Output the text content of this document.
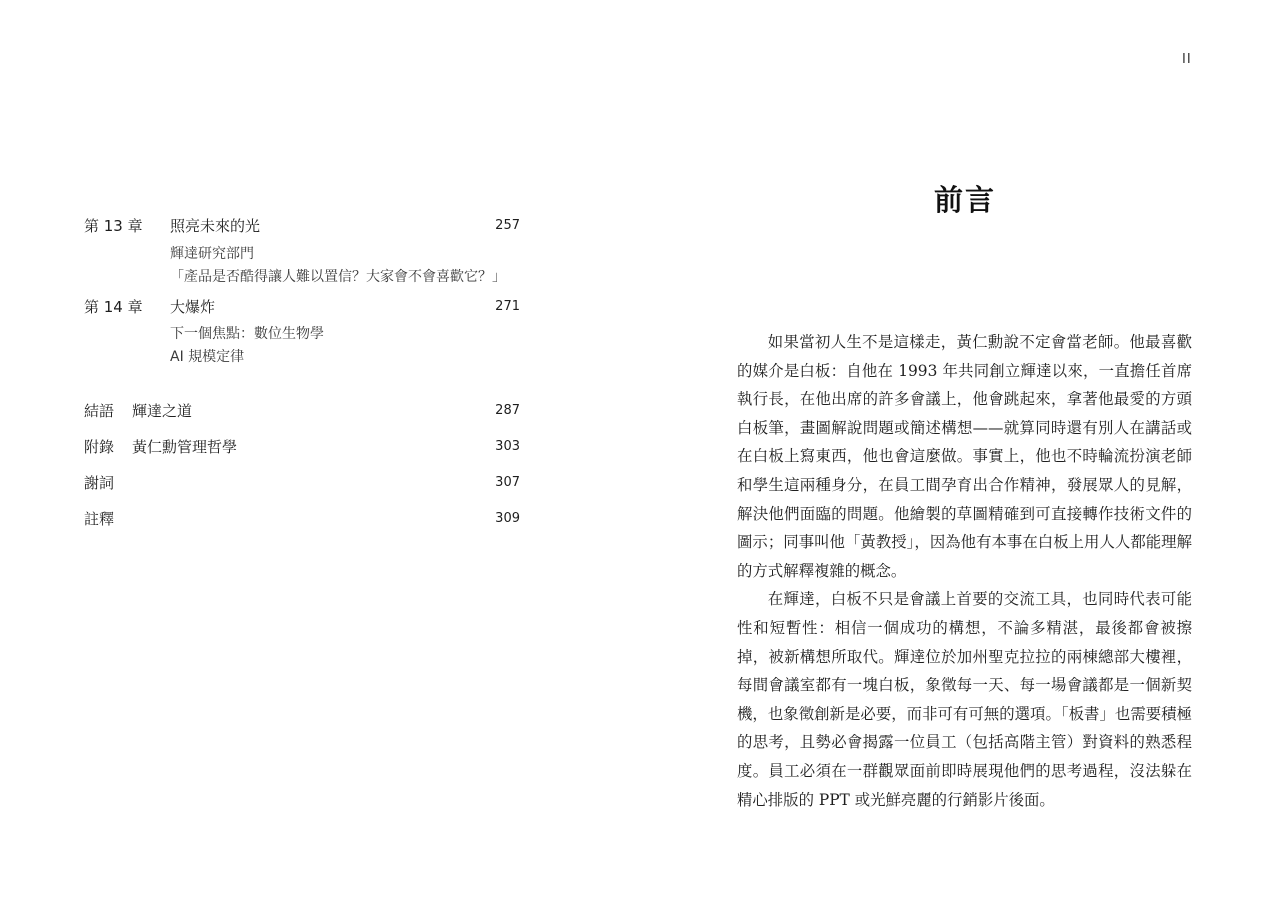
第 13 章 照亮未來的光	257
輝達研究部門
「產品是否酷得讓人難以置信？大家會不會喜歡它？」
第 14 章 大爆炸	271
下一個焦點：數位生物學
AI 規模定律
結語 輝達之道	287
附錄 黃仁勳管理哲學	303
謝詞	307
註釋	309
II
前言

如果當初人生不是這樣走，黃仁勳說不定會當老師。他最喜歡的媒介是白板：自他在 1993 年共同創立輝達以來，一直擔任首席執行長，在他出席的許多會議上，他會跳起來，拿著他最愛的方頭白板筆，畫圖解說問題或簡述構想——就算同時還有別人在講話或在白板上寫東西，他也會這麼做。事實上，他也不時輪流扮演老師和學生這兩種身分，在員工間孕育出合作精神，發展眾人的見解，解決他們面臨的問題。他繪製的草圖精確到可直接轉作技術文件的圖示；同事叫他「黃教授」，因為他有本事在白板上用人人都能理解的方式解釋複雜的概念。

在輝達，白板不只是會議上首要的交流工具，也同時代表可能性和短暫性：相信一個成功的構想，不論多精湛，最後都會被擦掉，被新構想所取代。輝達位於加州聖克拉拉的兩棟總部大樓裡，每間會議室都有一塊白板，象徵每一天、每一場會議都是一個新契機，也象徵創新是必要，而非可有可無的選項。「板書」也需要積極的思考，且勢必會揭露一位員工（包括高階主管）對資料的熟悉程度。員工必須在一群觀眾面前即時展現他們的思考過程，沒法躲在精心排版的 PPT 或光鮮亮麗的行銷影片後面。
